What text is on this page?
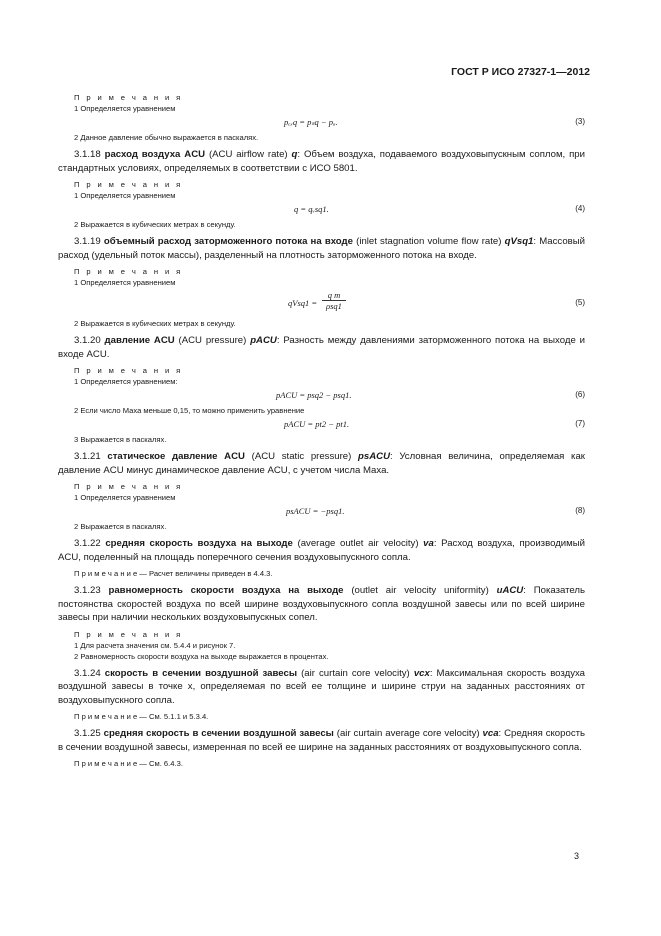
ГОСТ Р ИСО 27327-1—2012

П р и м е ч а н и я

1 Определяется уравнением

pₑₓq = pₛq − pₐ.	(3)

2 Данное давление обычно выражается в паскалях.

3.1.18 расход воздуха ACU (ACU airflow rate) q: Объем воздуха, подаваемого воздуховыпускным соплом, при стандартных условиях, определяемых в соответствии с ИСО 5801.

П р и м е ч а н и я

1 Определяется уравнением

q = qᵥsq1.	(4)

2 Выражается в кубических метрах в секунду.

3.1.19 объемный расход заторможенного потока на входе (inlet stagnation volume flow rate) qVsq1: Массовый расход (удельный поток массы), разделенный на плотность заторможенного потока на входе.

П р и м е ч а н и я

1 Определяется уравнением

qVsq1 =
q m
ρsq1	(5)

2 Выражается в кубических метрах в секунду.

3.1.20 давление ACU (ACU pressure) pACU: Разность между давлениями заторможенного потока на выходе и входе ACU.

П р и м е ч а н и я

1 Определяется уравнением:

pACU = psq2 − psq1.	(6)

2 Если число Маха меньше 0,15, то можно применить уравнение

pACU = pt2 − pt1.	(7)

3 Выражается в паскалях.

3.1.21 статическое давление ACU (ACU static pressure) psACU: Условная величина, определяемая как давление ACU минус динамическое давление ACU, с учетом числа Маха.

П р и м е ч а н и я

1 Определяется уравнением

psACU = −psq1.	(8)

2 Выражается в паскалях.

3.1.22 средняя скорость воздуха на выходе (average outlet air velocity) va: Расход воздуха, производимый ACU, поделенный на площадь поперечного сечения воздуховыпускного сопла.

П р и м е ч а н и е — Расчет величины приведен в 4.4.3.

3.1.23 равномерность скорости воздуха на выходе (outlet air velocity uniformity) uACU: Показатель постоянства скоростей воздуха по всей ширине воздуховыпускного сопла воздушной завесы или по всей ширине завесы при наличии нескольких воздуховыпускных сопел.

П р и м е ч а н и я

1 Для расчета значения см. 5.4.4 и рисунок 7.

2 Равномерность скорости воздуха на выходе выражается в процентах.

3.1.24 скорость в сечении воздушной завесы (air curtain core velocity) vcx: Максимальная скорость воздуха воздушной завесы в точке x, определяемая по всей ее толщине и ширине струи на заданных расстояниях от воздуховыпускного сопла.

П р и м е ч а н и е — См. 5.1.1 и 5.3.4.

3.1.25 средняя скорость в сечении воздушной завесы (air curtain average core velocity) vca: Средняя скорость в сечении воздушной завесы, измеренная по всей ее ширине на заданных расстояниях от воздуховыпускного сопла.

П р и м е ч а н и е — См. 6.4.3.

3
